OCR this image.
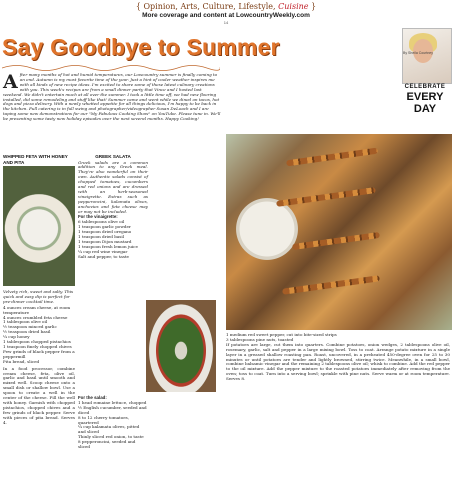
{ Opinion, Arts, Culture, Lifestyle, Cuisine }
More coverage and content at LowcountryWeekly.com
14
Say Goodbye to Summer	By Sheila Courtney
CELEBRATE
EVERY DAY
After many months of hot and humid temperatures, our Lowcountry summer is finally coming to an end. Autumn is my most favorite time of the year. Just a hint of cooler weather inspires me with all kinds of new recipe ideas. I'm excited to share some of these latest culinary creations with you. This week's recipes are from a small dinner party that Vince and I hosted last weekend. We didn't entertain much at all over the summer. I took a little time off, we had new flooring installed, did some remodeling and stuff like that! Summer came and went while we dined on tacos, hot dogs and pizza delivery. With a newly whetted appetite for all things delicious, I'm happy to be back in the kitchen. Full catering is in full swing and photographer/videographer Susan DeLoach and I are taping some new demonstrations for our "My Fabulous Cooking Show" on YouTube. Please tune in. We'll be presenting some tasty new holiday episodes over the next several months. Happy Cooking!
WHIPPED FETA WITH HONEY AND PITA

Velvety rich, sweet and salty. This quick and easy dip is perfect for pre-dinner cocktail time.

4 ounces cream cheese, at room temperature
4 ounces crumbled feta cheese
1 tablespoon olive oil
½ teaspoon minced garlic
½ teaspoon dried basil
¼ cup honey
1 tablespoon chopped pistachios
1 teaspoon finely chopped chives
Few grinds of black pepper from a peppermill
Pita bread, sliced

In a food processor, combine cream cheese, feta, olive oil, garlic and basil until smooth and mixed well. Scoop cheese onto a small dish or shallow bowl. Use a spoon to create a well in the center of the cheese. Fill the well with honey. Garnish with chopped pistachios, chopped chives and a few grinds of black pepper. Serve with pieces of pita bread. Serves 4.

GREEK SALATA

Greek salads are a common addition to any Greek meal. They're also wonderful on their own. Authentic salads consist of chopped tomatoes, cucumbers and red onions and are dressed with an herb-seasoned vinaigrette. Extras such as pepperoncini, kalamata olives, anchovies and feta cheese may or may not be included.

For the vinaigrette:
6 tablespoons olive oil
1 teaspoon garlic powder
1 teaspoon dried oregano
1 teaspoon dried basil
1 teaspoon Dijon mustard
1 teaspoon fresh lemon juice
¼ cup red wine vinegar
Salt and pepper, to taste
For the salad:
1 head romaine lettuce, chopped
½ English cucumber, seeded and diced
8 to 12 cherry tomatoes, quartered
¼ cup kalamata olives, pitted and sliced
Thinly sliced red onion, to taste
8 pepperoncini, seeded and sliced
1 medium red sweet pepper, cut into bite-sized strips
3 tablespoons pine nuts, toasted

If potatoes are large, cut them into quarters. Combine potatoes, onion wedges, 2 tablespoons olive oil, rosemary, garlic, salt and pepper in a large mixing bowl. Toss to coat. Arrange potato mixture in a single layer in a greased shallow roasting pan. Roast, uncovered, in a preheated 450-degree oven for 25 to 30 minutes or until potatoes are tender and lightly browned, stirring twice. Meanwhile, in a small bowl, combine balsamic vinegar and the remaining 2 tablespoons olive oil; whisk to combine. Add the red pepper to the oil mixture. Add the pepper mixture to the roasted potatoes immediately after removing from the oven; toss to coat. Turn into a serving bowl; sprinkle with pine nuts. Serve warm or at room temperature. Serves 8.
